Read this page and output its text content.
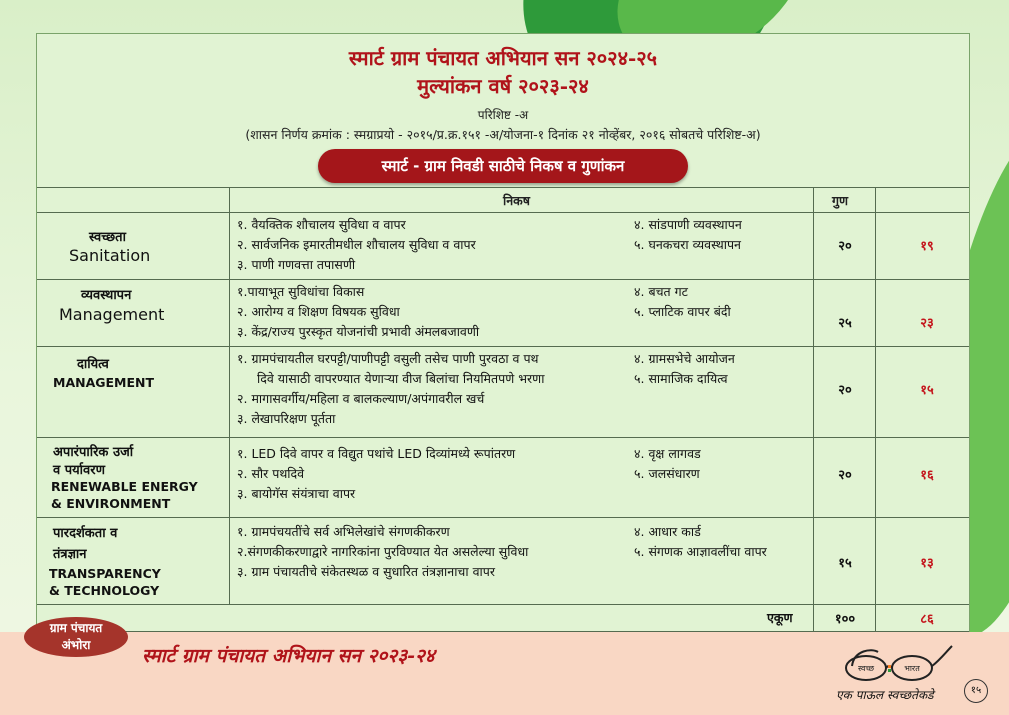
स्मार्ट ग्राम पंचायत अभियान सन २०२४-२५
मुल्यांकन वर्ष २०२३-२४
परिशिष्ट -अ
(शासन निर्णय क्रमांक : स्मग्राप्रयो - २०१५/प्र.क्र.१५१ -अ/योजना-१ दिनांक २१ नोव्हेंबर, २०१६ सोबतचे परिशिष्ट-अ)
स्मार्ट - ग्राम निवडी साठीचे निकष व गुणांकन
निकष	गुण
स्वच्छता
Sanitation
१. वैयक्तिक शौचालय सुविधा व वापर
२. सार्वजनिक इमारतीमधील शौचालय सुविधा व वापर
३. पाणी गणवत्ता तपासणी
४. सांडपाणी व्यवस्थापन
५. घनकचरा व्यवस्थापन	२०	१९
व्यवस्थापन
Management
१.पायाभूत सुविधांचा विकास
२. आरोग्य व शिक्षण विषयक सुविधा
३. केंद्र/राज्य पुरस्कृत योजनांची प्रभावी अंमलबजावणी
४. बचत गट
५. प्लाटिक वापर बंदी
२५	२३
दायित्व
MANAGEMENT
१. ग्रामपंचायतील घरपट्टी/पाणीपट्टी वसुली तसेच पाणी पुरवठा व पथ
दिवे यासाठी वापरण्यात येणाऱ्या वीज बिलांचा नियमितपणे भरणा
२. मागासवर्गीय/महिला व बालकल्याण/अपंगावरील खर्च
३. लेखापरिक्षण पूर्तता
४. ग्रामसभेचे आयोजन
५. सामाजिक दायित्व
२०	१५
अपारंपारिक उर्जा
व पर्यावरण
RENEWABLE ENERGY
& ENVIRONMENT
१. LED दिवे वापर व विद्युत पथांचे LED दिव्यांमध्ये रूपांतरण
२. सौर पथदिवे
३. बायोगॅस संयंत्राचा वापर
४. वृक्ष लागवड
५. जलसंधारण	२०	१६
पारदर्शकता व
तंत्रज्ञान
TRANSPARENCY
& TECHNOLOGY
१. ग्रामपंचयतींचे सर्व अभिलेखांचे संगणकीकरण
२.संगणकीकरणाद्वारे नागरिकांना पुरविण्यात येत असलेल्या सुविधा
३. ग्राम पंचायतीचे संकेतस्थळ व सुधारित तंत्रज्ञानाचा वापर
४. आधार कार्ड
५. संगणक आज्ञावलींचा वापर
१५	१३
एकूण	१००	८६
ग्राम पंचायत
अंभोरा	स्मार्ट ग्राम पंचायत अभियान सन २०२३-२४
स्वच्छ	भारत
एक पाऊल स्वच्छतेकडे	१५
